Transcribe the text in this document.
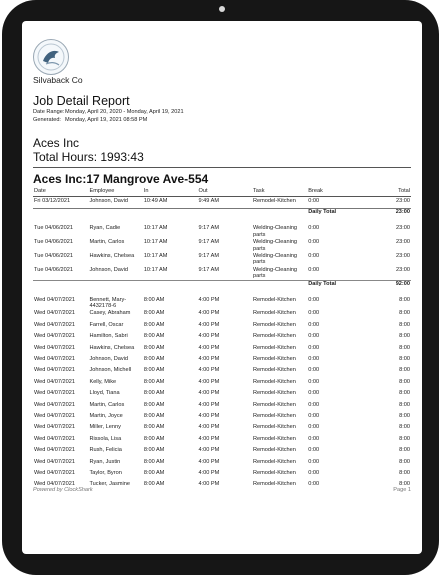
Silvaback Co
Job Detail Report
Date Range:Monday, April 20, 2020 - Monday, April 19, 2021
Generated: Monday, April 19, 2021 08:58 PM
Aces Inc
Total Hours: 1993:43
Aces Inc:17 Mangrove Ave-554
Date	Employee	In	Out	Task	Break	Total
Fri 03/12/2021	Johnson, David	10:49 AM	9:49 AM	Remodel-Kitchen	0:00	23:00
					Daily Total	23:00

Tue 04/06/2021	Ryan, Cadie	10:17 AM	9:17 AM	Welding-Cleaning parts	0:00	23:00
Tue 04/06/2021	Martin, Carlos	10:17 AM	9:17 AM	Welding-Cleaning parts	0:00	23:00
Tue 04/06/2021	Hawkins, Chelsea	10:17 AM	9:17 AM	Welding-Cleaning parts	0:00	23:00
Tue 04/06/2021	Johnson, David	10:17 AM	9:17 AM	Welding-Cleaning parts	0:00	23:00
					Daily Total	92:00

Wed 04/07/2021	Bennett, Mary-4432178-6	8:00 AM	4:00 PM	Remodel-Kitchen	0:00	8:00
Wed 04/07/2021	Casey, Abraham	8:00 AM	4:00 PM	Remodel-Kitchen	0:00	8:00
Wed 04/07/2021	Farrell, Oscar	8:00 AM	4:00 PM	Remodel-Kitchen	0:00	8:00
Wed 04/07/2021	Hamilton, Sabri	8:00 AM	4:00 PM	Remodel-Kitchen	0:00	8:00
Wed 04/07/2021	Hawkins, Chelsea	8:00 AM	4:00 PM	Remodel-Kitchen	0:00	8:00
Wed 04/07/2021	Johnson, David	8:00 AM	4:00 PM	Remodel-Kitchen	0:00	8:00
Wed 04/07/2021	Johnson, Michell	8:00 AM	4:00 PM	Remodel-Kitchen	0:00	8:00
Wed 04/07/2021	Kelly, Mike	8:00 AM	4:00 PM	Remodel-Kitchen	0:00	8:00
Wed 04/07/2021	Lloyd, Tiana	8:00 AM	4:00 PM	Remodel-Kitchen	0:00	8:00
Wed 04/07/2021	Martin, Carlos	8:00 AM	4:00 PM	Remodel-Kitchen	0:00	8:00
Wed 04/07/2021	Martin, Joyce	8:00 AM	4:00 PM	Remodel-Kitchen	0:00	8:00
Wed 04/07/2021	Miller, Lenny	8:00 AM	4:00 PM	Remodel-Kitchen	0:00	8:00
Wed 04/07/2021	Rissola, Lisa	8:00 AM	4:00 PM	Remodel-Kitchen	0:00	8:00
Wed 04/07/2021	Rush, Felicia	8:00 AM	4:00 PM	Remodel-Kitchen	0:00	8:00
Wed 04/07/2021	Ryan, Justin	8:00 AM	4:00 PM	Remodel-Kitchen	0:00	8:00
Wed 04/07/2021	Taylor, Byron	8:00 AM	4:00 PM	Remodel-Kitchen	0:00	8:00
Wed 04/07/2021	Tucker, Jasmine	8:00 AM	4:00 PM	Remodel-Kitchen	0:00	8:00
Powered by ClockShark	Page 1
